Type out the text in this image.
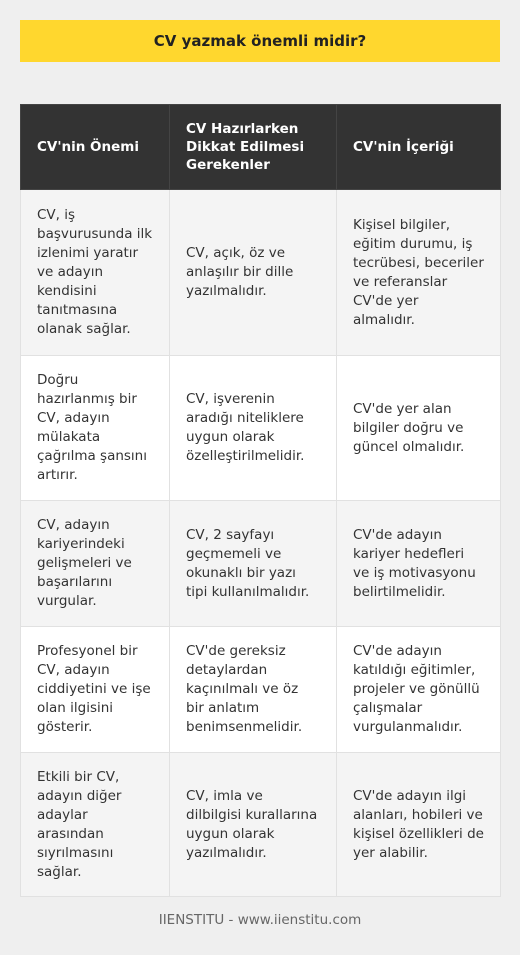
CV yazmak önemli midir?
CV'nin Önemi	CV Hazırlarken Dikkat Edilmesi Gerekenler	CV'nin İçeriği
CV, iş başvurusunda ilk izlenimi yaratır ve adayın kendisini tanıtmasına olanak sağlar.	CV, açık, öz ve anlaşılır bir dille yazılmalıdır.	Kişisel bilgiler, eğitim durumu, iş tecrübesi, beceriler ve referanslar CV'de yer almalıdır.
Doğru hazırlanmış bir CV, adayın mülakata çağrılma şansını artırır.	CV, işverenin aradığı niteliklere uygun olarak özelleştirilmelidir.	CV'de yer alan bilgiler doğru ve güncel olmalıdır.
CV, adayın kariyerindeki gelişmeleri ve başarılarını vurgular.	CV, 2 sayfayı geçmemeli ve okunaklı bir yazı tipi kullanılmalıdır.	CV'de adayın kariyer hedefleri ve iş motivasyonu belirtilmelidir.
Profesyonel bir CV, adayın ciddiyetini ve işe olan ilgisini gösterir.	CV'de gereksiz detaylardan kaçınılmalı ve öz bir anlatım benimsenmelidir.	CV'de adayın katıldığı eğitimler, projeler ve gönüllü çalışmalar vurgulanmalıdır.
Etkili bir CV, adayın diğer adaylar arasından sıyrılmasını sağlar.	CV, imla ve dilbilgisi kurallarına uygun olarak yazılmalıdır.	CV'de adayın ilgi alanları, hobileri ve kişisel özellikleri de yer alabilir.
IIENSTITU - www.iienstitu.com
